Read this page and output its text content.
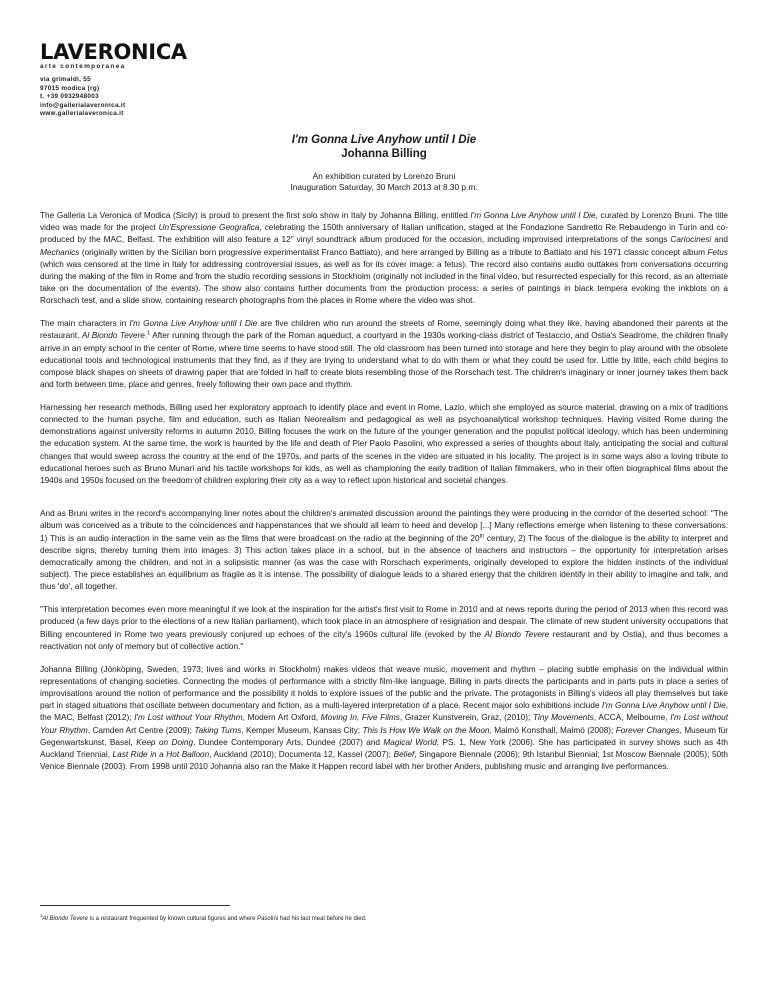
LAVERONICA
arte contemporanea
via grimaldi, 55
97015 modica (rg)
t. +39 0932948003
info@gallerialaveronica.it
www.gallerialaveronica.it
I'm Gonna Live Anyhow until I Die
Johanna Billing
An exhibition curated by Lorenzo Bruni
Inauguration Saturday, 30 March 2013 at 8.30 p.m.

The Galleria La Veronica of Modica (Sicily) is proud to present the first solo show in Italy by Johanna Billing, entitled I'm Gonna Live Anyhow until I Die, curated by Lorenzo Bruni. The title video was made for the project Un'Espressione Geografica, celebrating the 150th anniversary of Italian unification, staged at the Fondazione Sandretto Re Rebaudengo in Turin and co-produced by the MAC, Belfast. The exhibition will also feature a 12" vinyl soundtrack album produced for the occasion, including improvised interpretations of the songs Cariocinesi and Mechanics (originally written by the Sicilian born progressive experimentalist Franco Battiato), and here arranged by Billing as a tribute to Battiato and his 1971 classic concept album Fetus (which was censored at the time in Italy for addressing controversial issues, as well as for its cover image: a fetus). The record also contains audio outtakes from conversations occurring during the making of the film in Rome and from the studio recording sessions in Stockholm (originally not included in the final video, but resurrected especially for this record, as an alternate take on the documentation of the events). The show also contains further documents from the production process: a series of paintings in black tempera evoking the inkblots on a Rorschach test, and a slide show, containing research photographs from the places in Rome where the video was shot.

The main characters in I'm Gonna Live Anyhow until I Die are five children who run around the streets of Rome, seemingly doing what they like, having abandoned their parents at the restaurant, Al Biondo Tevere.$^1$ After running through the park of the Roman aqueduct, a courtyard in the 1930s working-class district of Testaccio, and Ostia's Seadrome, the children finally arrive in an empty school in the center of Rome, where time seems to have stood still. The old classroom has been turned into storage and here they begin to play around with the obsolete educational tools and technological instruments that they find, as if they are trying to understand what to do with them or what they could be used for. Little by little, each child begins to compose black shapes on sheets of drawing paper that are folded in half to create blots resembling those of the Rorschach test. The children's imaginary or inner journey takes them back and forth between time, place and genres, freely following their own pace and rhythm.

Harnessing her research methods, Billing used her exploratory approach to identify place and event in Rome, Lazio, which she employed as source material, drawing on a mix of traditions connected to the human psyche, film and education, such as Italian Neorealism and pedagogical as well as psychoanalytical workshop techniques. Having visited Rome during the demonstrations against university reforms in autumn 2010, Billing focuses the work on the future of the younger generation and the populist political ideology, which has been undermining the education system. At the same time, the work is haunted by the life and death of Pier Paolo Pasolini, who expressed a series of thoughts about Italy, anticipating the social and cultural changes that would sweep across the country at the end of the 1970s, and parts of the scenes in the video are situated in his locality. The project is in some ways also a loving tribute to educational heroes such as Bruno Munari and his tactile workshops for kids, as well as championing the early tradition of Italian filmmakers, who in their often biographical films about the 1940s and 1950s focused on the freedom of children exploring their city as a way to reflect upon historical and societal changes.

And as Bruni writes in the record's accompanying liner notes about the children's animated discussion around the paintings they were producing in the corridor of the deserted school: "The album was conceived as a tribute to the coincidences and happenstances that we should all learn to heed and develop [...] Many reflections emerge when listening to these conversations: 1) This is an audio interaction in the same vein as the films that were broadcast on the radio at the beginning of the 20th century, 2) The focus of the dialogue is the ability to interpret and describe signs, thereby turning them into images. 3) This action takes place in a school, but in the absence of teachers and instructors – the opportunity for interpretation arises democratically among the children, and not in a solipsistic manner (as was the case with Rorschach experiments, originally developed to explore the hidden instincts of the individual subject). The piece establishes an equilibrium as fragile as it is intense. The possibility of dialogue leads to a shared energy that the children identify in their ability to imagine and talk, and thus 'do', all together.

"This interpretation becomes even more meaningful if we look at the inspiration for the artist's first visit to Rome in 2010 and at news reports during the period of 2013 when this record was produced (a few days prior to the elections of a new Italian parliament), which took place in an atmosphere of resignation and despair. The climate of new student university occupations that Billing encountered in Rome two years previously conjured up echoes of the city's 1960s cultural life (evoked by the Al Biondo Tevere restaurant and by Ostia), and thus becomes a reactivation not only of memory but of collective action."

Johanna Billing (Jönköping, Sweden, 1973; lives and works in Stockholm) makes videos that weave music, movement and rhythm – placing subtle emphasis on the individual within representations of changing societies. Connecting the modes of performance with a strictly film-like language, Billing in parts directs the participants and in parts puts in place a series of improvisations around the notion of performance and the possibility it holds to explore issues of the public and the private. The protagonists in Billing's videos all play themselves but take part in staged situations that oscillate between documentary and fiction, as a multi-layered interpretation of a place. Recent major solo exhibitions include I'm Gonna Live Anyhow until I Die, the MAC, Belfast (2012); I'm Lost without Your Rhythm, Modern Art Oxford, Moving In, Five Films, Grazer Kunstverein, Graz, (2010); Tiny Movements, ACCA, Melbourne, I'm Lost without Your Rhythm, Camden Art Centre (2009); Taking Turns, Kemper Museum, Kansas City; This Is How We Walk on the Moon, Malmö Konsthall, Malmö (2008); Forever Changes, Museum für Gegenwartskunst, Basel, Keep on Doing, Dundee Contemporary Arts, Dundee (2007) and Magical World, PS. 1, New York (2006). She has participated in survey shows such as 4th Auckland Triennial, Last Ride in a Hot Balloon, Auckland (2010); Documenta 12, Kassel (2007); Belief, Singapore Biennale (2006); 9th Istanbul Biennial; 1st Moscow Biennale (2005); 50th Venice Biennale (2003). From 1998 until 2010 Johanna also ran the Make it Happen record label with her brother Anders, publishing music and arranging live performances.

$^1$Al Biondo Tevere is a restaurant frequented by known cultural figures and where Pasolini had his last meal before he died.
